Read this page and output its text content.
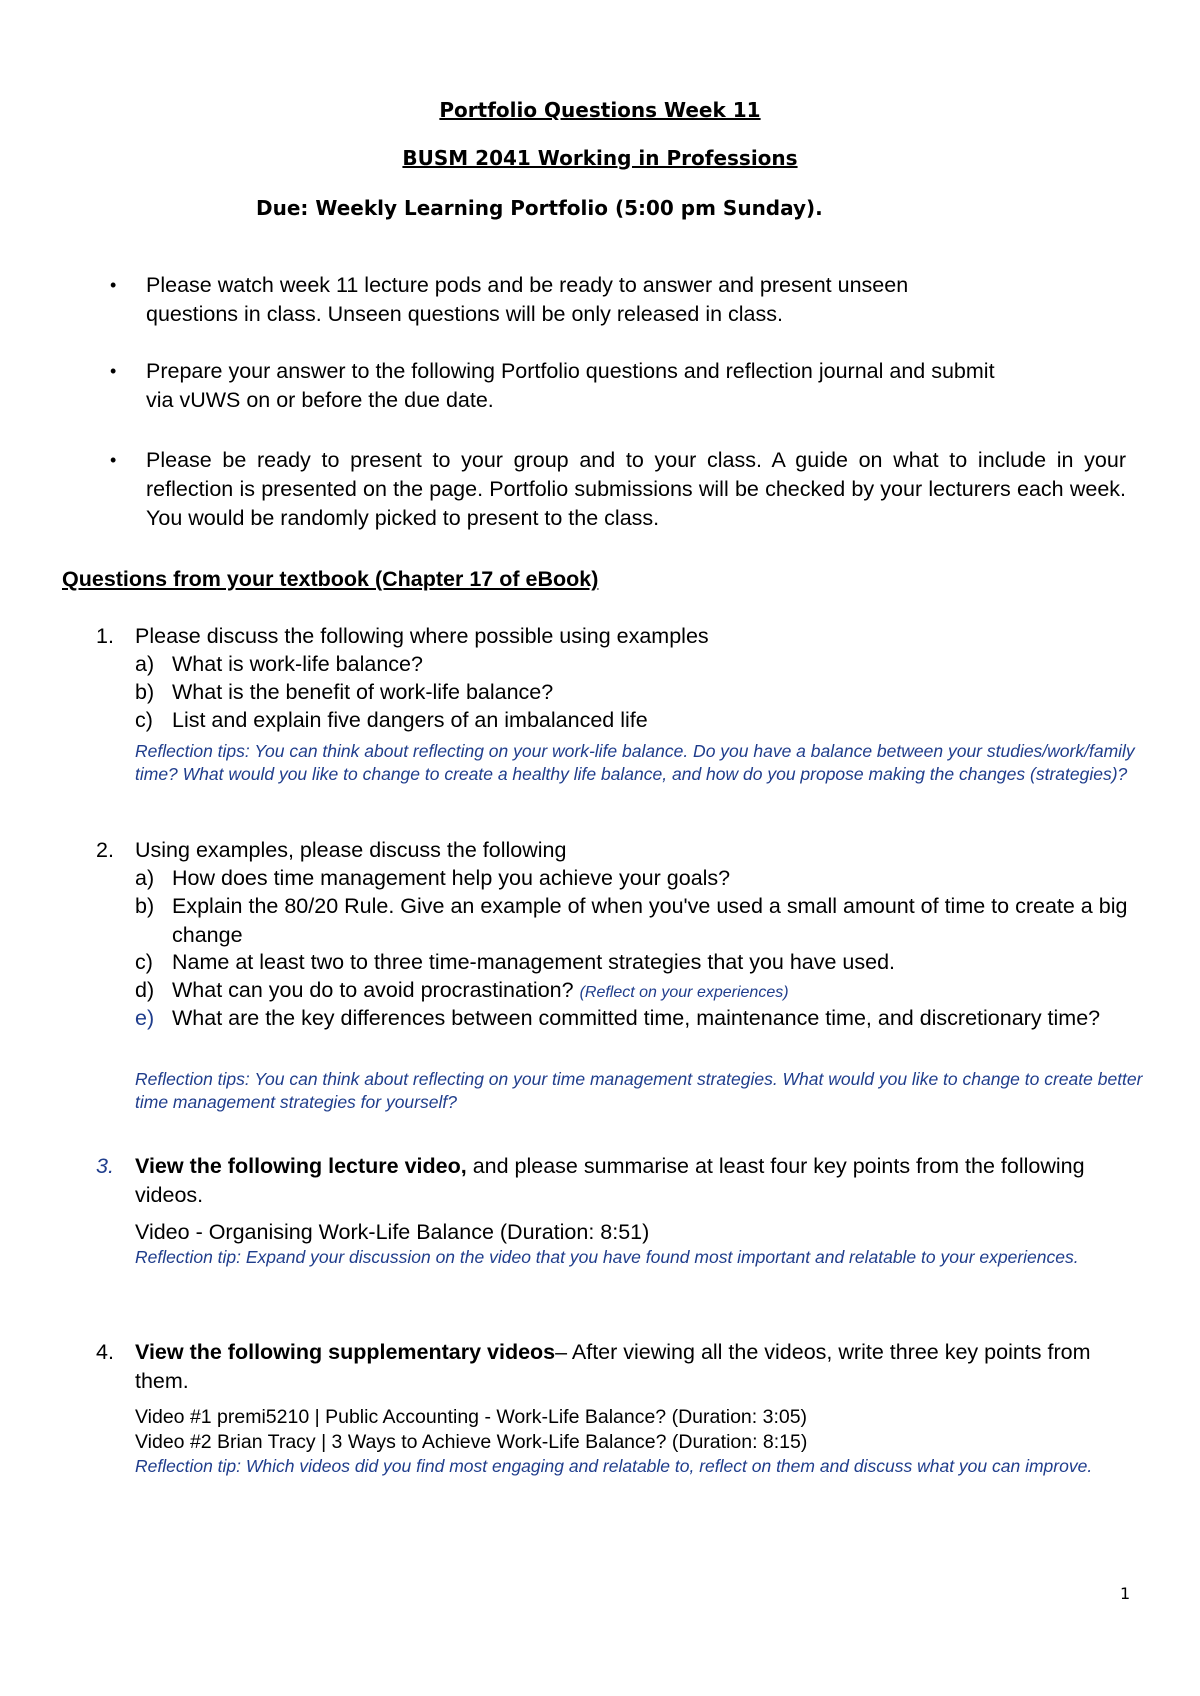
Portfolio Questions Week 11
BUSM 2041 Working in Professions
Due: Weekly Learning Portfolio (5:00 pm Sunday).
• Please watch week 11 lecture pods and be ready to answer and present unseen
questions in class. Unseen questions will be only released in class.
• Prepare your answer to the following Portfolio questions and reflection journal and submit
via vUWS on or before the due date.
• Please be ready to present to your group and to your class. A guide on what to include in your reflection is presented on the page. Portfolio submissions will be checked by your lecturers each week. You would be randomly picked to present to the class.
Questions from your textbook (Chapter 17 of eBook)
1. Please discuss the following where possible using examples
a) What is work-life balance?
b) What is the benefit of work-life balance?
c) List and explain five dangers of an imbalanced life
Reflection tips: You can think about reflecting on your work-life balance. Do you have a balance between your studies/work/family time? What would you like to change to create a healthy life balance, and how do you propose making the changes (strategies)?
2. Using examples, please discuss the following
a) How does time management help you achieve your goals?
b) Explain the 80/20 Rule. Give an example of when you've used a small amount of time to create a big change
c) Name at least two to three time-management strategies that you have used.
d) What can you do to avoid procrastination? (Reflect on your experiences)
e) What are the key differences between committed time, maintenance time, and discretionary time?
Reflection tips: You can think about reflecting on your time management strategies. What would you like to change to create better time management strategies for yourself?
3. View the following lecture video, and please summarise at least four key points from the following videos.
Video - Organising Work-Life Balance (Duration: 8:51)
Reflection tip: Expand your discussion on the video that you have found most important and relatable to your experiences.
4. View the following supplementary videos– After viewing all the videos, write three key points from them.
Video #1 premi5210 | Public Accounting - Work-Life Balance? (Duration: 3:05)
Video #2 Brian Tracy | 3 Ways to Achieve Work-Life Balance? (Duration: 8:15)
Reflection tip: Which videos did you find most engaging and relatable to, reflect on them and discuss what you can improve.
1
